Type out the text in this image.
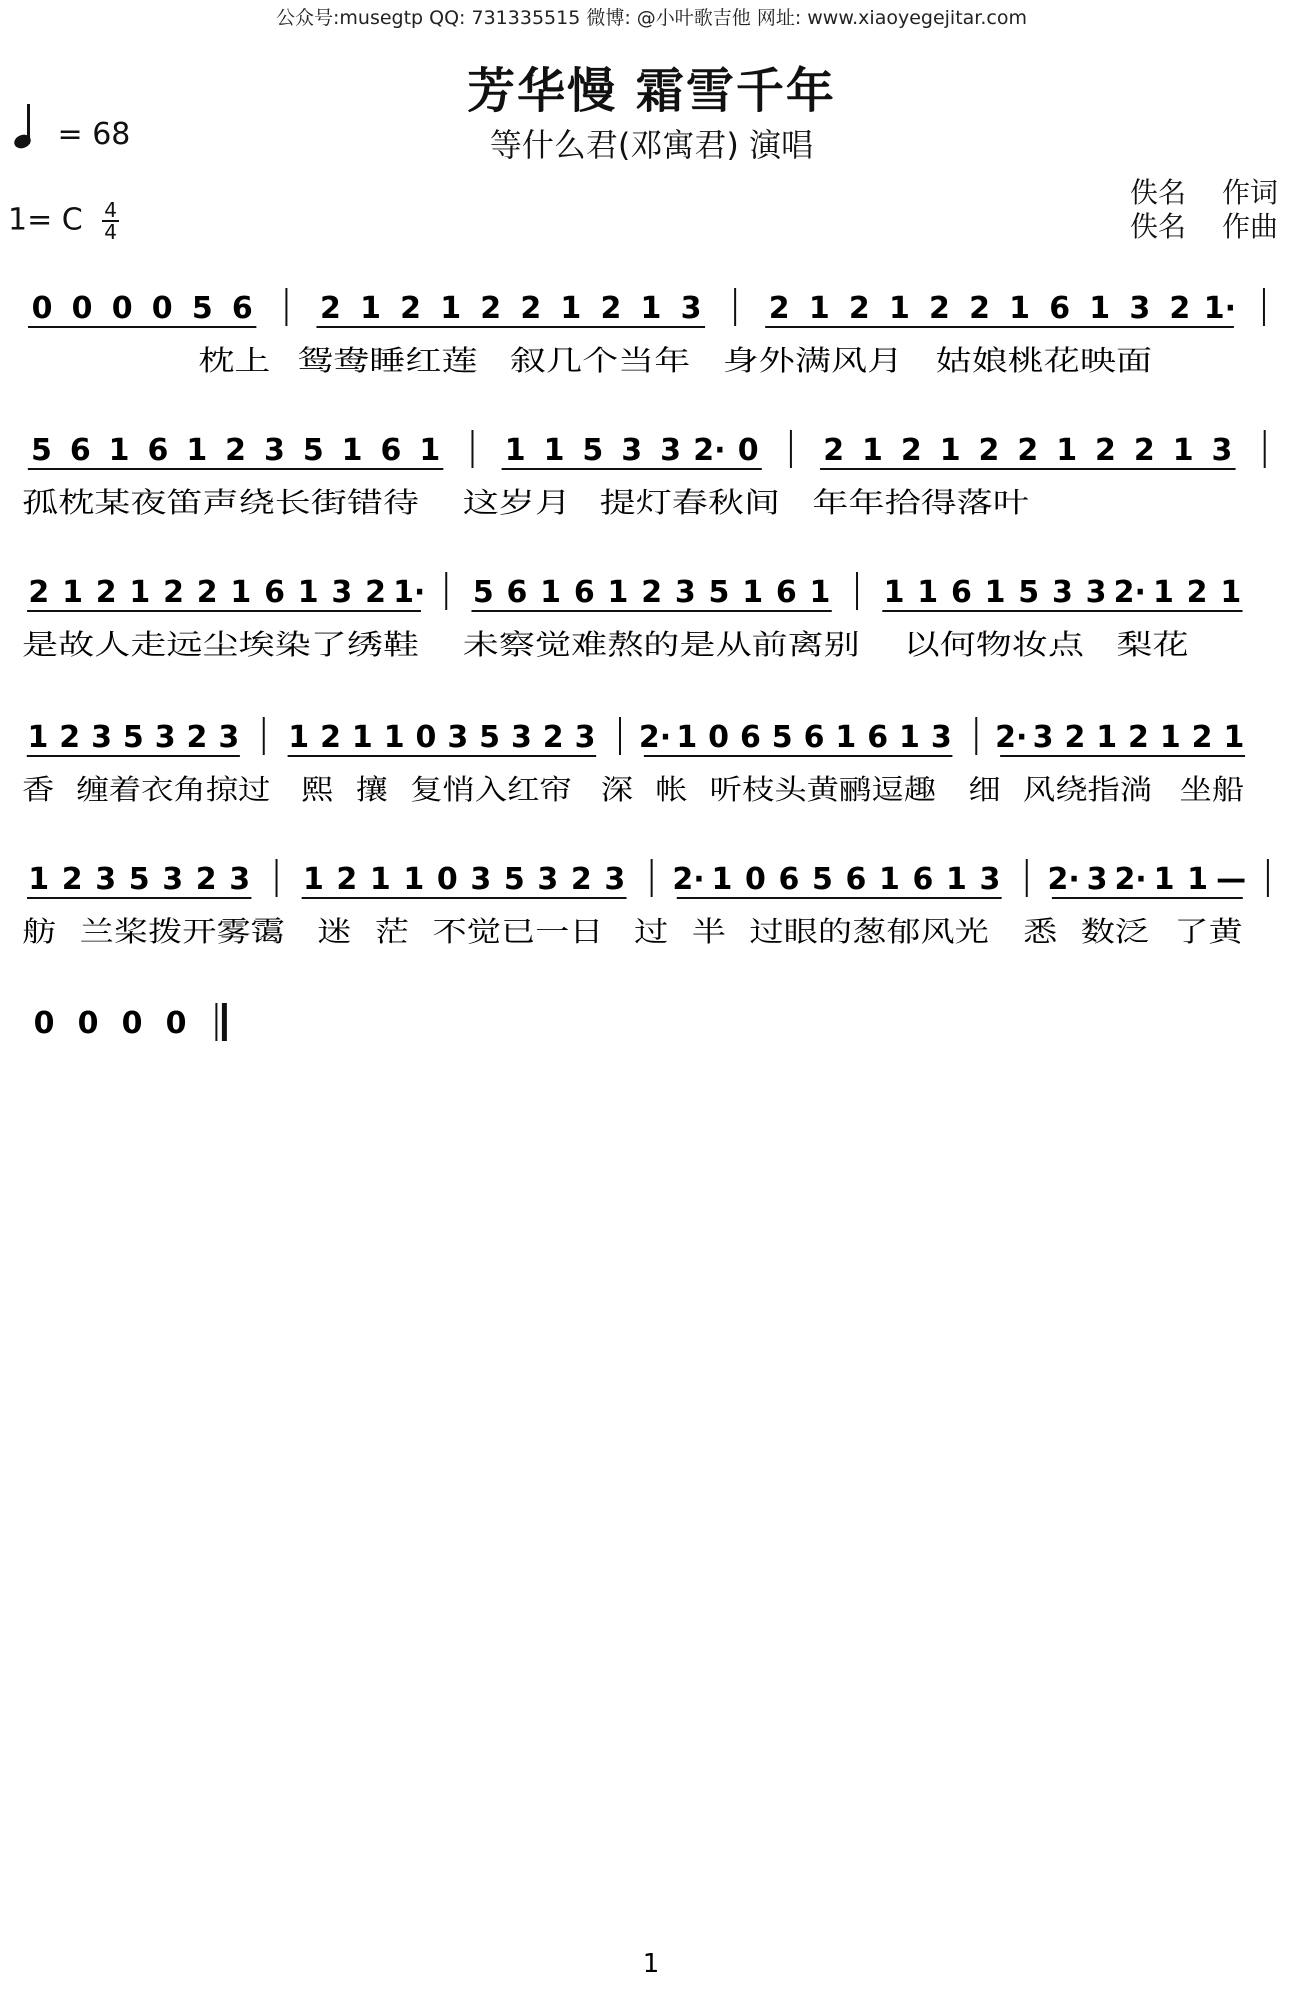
公众号:musegtp QQ: 731335515 微博: @小叶歌吉他 网址: www.xiaoyegejitar.com
芳华慢 霜雪千年
等什么君(邓寓君) 演唱
= 68
1= C $\frac{4}{4}$
佚名 作词
佚名 作曲
0 0 0 0 5 6 2 1 2 1 2 2 1 2 1 3 2 1 2 1 2 2 1 6 1 3 2 1·
枕上 鸳鸯睡红莲 叙几个当年 身外满风月 姑娘桃花映面
5 6 1 6 1 2 3 5 1 6 1 1 1 5 3 3 2· 0 2 1 2 1 2 2 1 2 2 1 3
孤枕某夜笛声绕长街错待 这岁月 提灯春秋间 年年拾得落叶
2 1 2 1 2 2 1 6 1 3 2 1· 5 6 1 6 1 2 3 5 1 6 1 1 1 6 1 5 3 3 2· 1 2 1
是故人走远尘埃染了绣鞋 未察觉难熬的是从前离别 以何物妆点 梨花
1 2 3 5 3 2 3 1 2 1 1 0 3 5 3 2 3 2· 1 0 6 5 6 1 6 1 3 2· 3 2 1 2 1 2 1
香 缠着衣角掠过 熙 攘 复悄入红帘 深 帐 听枝头黄鹂逗趣 细 风绕指淌 坐船
1 2 3 5 3 2 3 1 2 1 1 0 3 5 3 2 3 2· 1 0 6 5 6 1 6 1 3 2· 3 2· 1 1 —
舫 兰桨拨开雾霭 迷 茫 不觉已一日 过 半 过眼的葱郁风光 悉 数泛 了黄
0 0 0 0
1
